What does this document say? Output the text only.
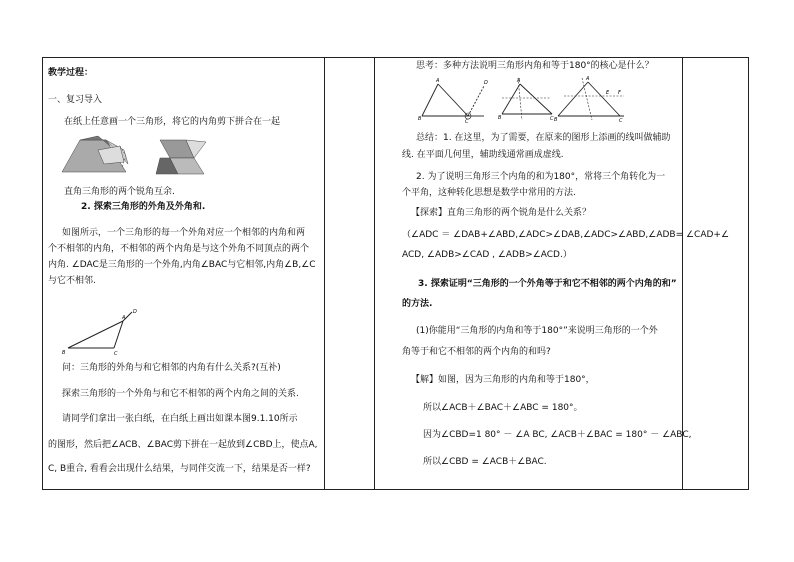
教学过程：
一、复习导入
在纸上任意画一个三角形，将它的内角剪下拼合在一起
直角三角形的两个锐角互余.
2. 探索三角形的外角及外角和.
如图所示，一个三角形的每一个外角对应一个相邻的内角和两
个不相邻的内角，不相邻的两个内角是与这个外角不同顶点的两个
内角. ∠DAC是三角形的一个外角,内角∠BAC与它相邻,内角∠B,∠C
与它不相邻.
A
B	C
D
问：三角形的外角与和它相邻的内角有什么关系?(互补)
探索三角形的一个外角与和它不相邻的两个内角之间的关系.
请同学们拿出一张白纸，在白纸上画出如课本图9.1.10所示
的图形，然后把∠ACB、∠BAC剪下拼在一起放到∠CBD上，使点A,
C, B重合, 看看会出现什么结果，与同伴交流一下，结果是否一样?
思考：多种方法说明三角形内角和等于180°的核心是什么？
A
B	C
D	A
B	C
A
B	C
E F
总结：1. 在这里，为了需要，在原来的图形上添画的线叫做辅助
线. 在平面几何里，辅助线通常画成虚线.
2. 为了说明三角形三个内角的和为180°，常将三个角转化为一
个平角，这种转化思想是数学中常用的方法.
【探索】直角三角形的两个锐角是什么关系？
（∠ADC ＝ ∠DAB+∠ABD,∠ADC>∠DAB,∠ADC>∠ABD,∠ADB= ∠CAD+∠
ACD, ∠ADB>∠CAD , ∠ADB>∠ACD.）
3. 探索证明“三角形的一个外角等于和它不相邻的两个内角的和”
的方法.
(1)你能用“三角形的内角和等于180°”来说明三角形的一个外
角等于和它不相邻的两个内角的和吗?
【解】如图，因为三角形的内角和等于180°，
所以∠ACB＋∠BAC＋∠ABC = 180°。
因为∠CBD=1 80° － ∠A BC, ∠ACB＋∠BAC = 180° － ∠ABC,
所以∠CBD = ∠ACB＋∠BAC.
